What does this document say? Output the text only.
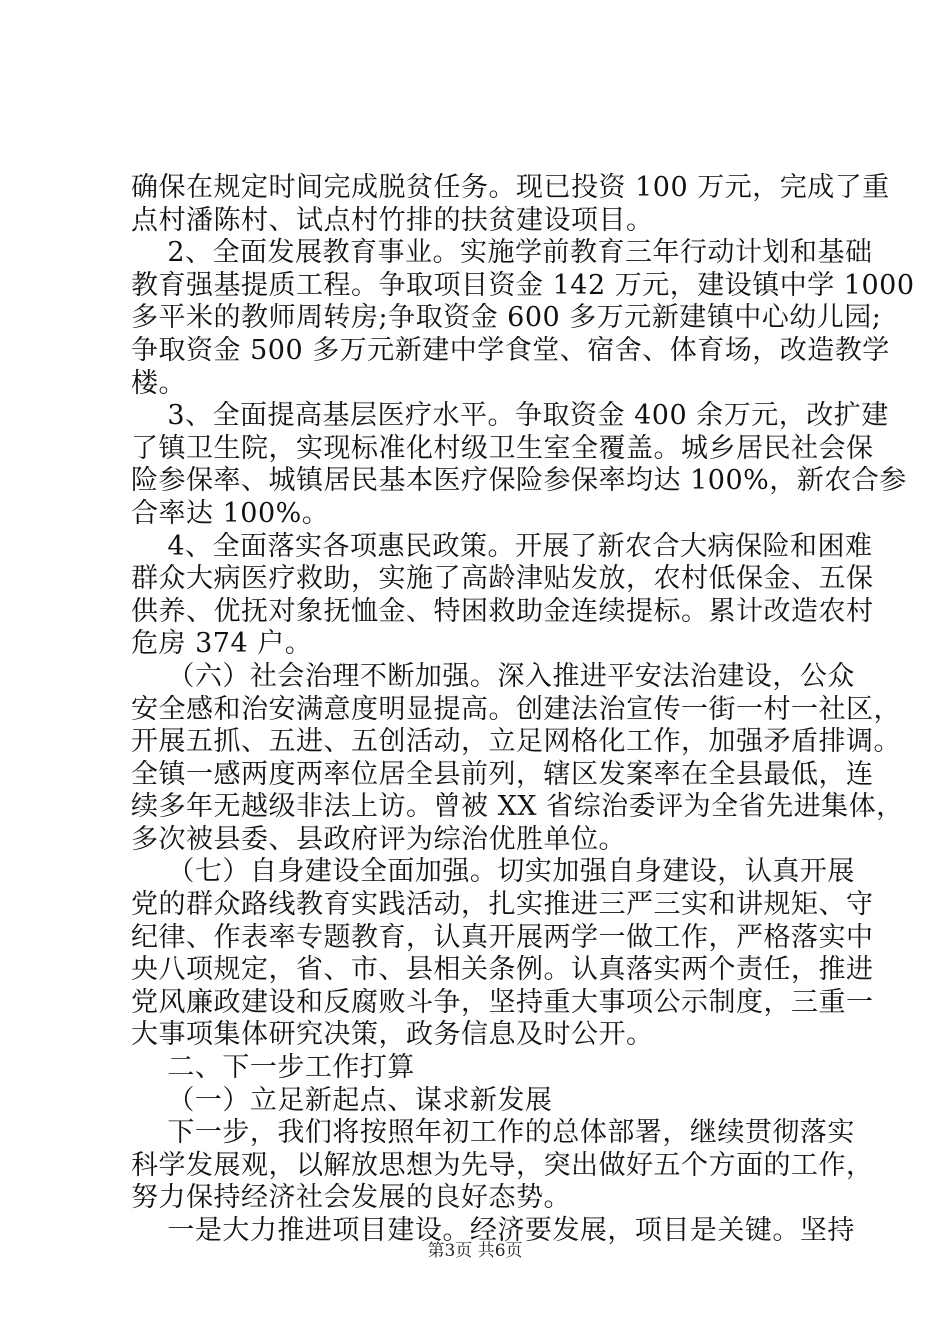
确保在规定时间完成脱贫任务。现已投资 100 万元，完成了重
点村潘陈村、试点村竹排的扶贫建设项目。
2、全面发展教育事业。实施学前教育三年行动计划和基础
教育强基提质工程。争取项目资金 142 万元，建设镇中学 1000
多平米的教师周转房;争取资金 600 多万元新建镇中心幼儿园;
争取资金 500 多万元新建中学食堂、宿舍、体育场，改造教学
楼。
3、全面提高基层医疗水平。争取资金 400 余万元，改扩建
了镇卫生院，实现标准化村级卫生室全覆盖。城乡居民社会保
险参保率、城镇居民基本医疗保险参保率均达 100%，新农合参
合率达 100%。
4、全面落实各项惠民政策。开展了新农合大病保险和困难
群众大病医疗救助，实施了高龄津贴发放，农村低保金、五保
供养、优抚对象抚恤金、特困救助金连续提标。累计改造农村
危房 374 户。
（六）社会治理不断加强。深入推进平安法治建设，公众
安全感和治安满意度明显提高。创建法治宣传一街一村一社区，
开展五抓、五进、五创活动，立足网格化工作，加强矛盾排调。
全镇一感两度两率位居全县前列，辖区发案率在全县最低，连
续多年无越级非法上访。曾被 XX 省综治委评为全省先进集体，
多次被县委、县政府评为综治优胜单位。
（七）自身建设全面加强。切实加强自身建设，认真开展
党的群众路线教育实践活动，扎实推进三严三实和讲规矩、守
纪律、作表率专题教育，认真开展两学一做工作，严格落实中
央八项规定，省、市、县相关条例。认真落实两个责任，推进
党风廉政建设和反腐败斗争，坚持重大事项公示制度，三重一
大事项集体研究决策，政务信息及时公开。
二、下一步工作打算
（一）立足新起点、谋求新发展
下一步，我们将按照年初工作的总体部署，继续贯彻落实
科学发展观，以解放思想为先导，突出做好五个方面的工作，
努力保持经济社会发展的良好态势。
一是大力推进项目建设。经济要发展，项目是关键。坚持
第3页 共6页
